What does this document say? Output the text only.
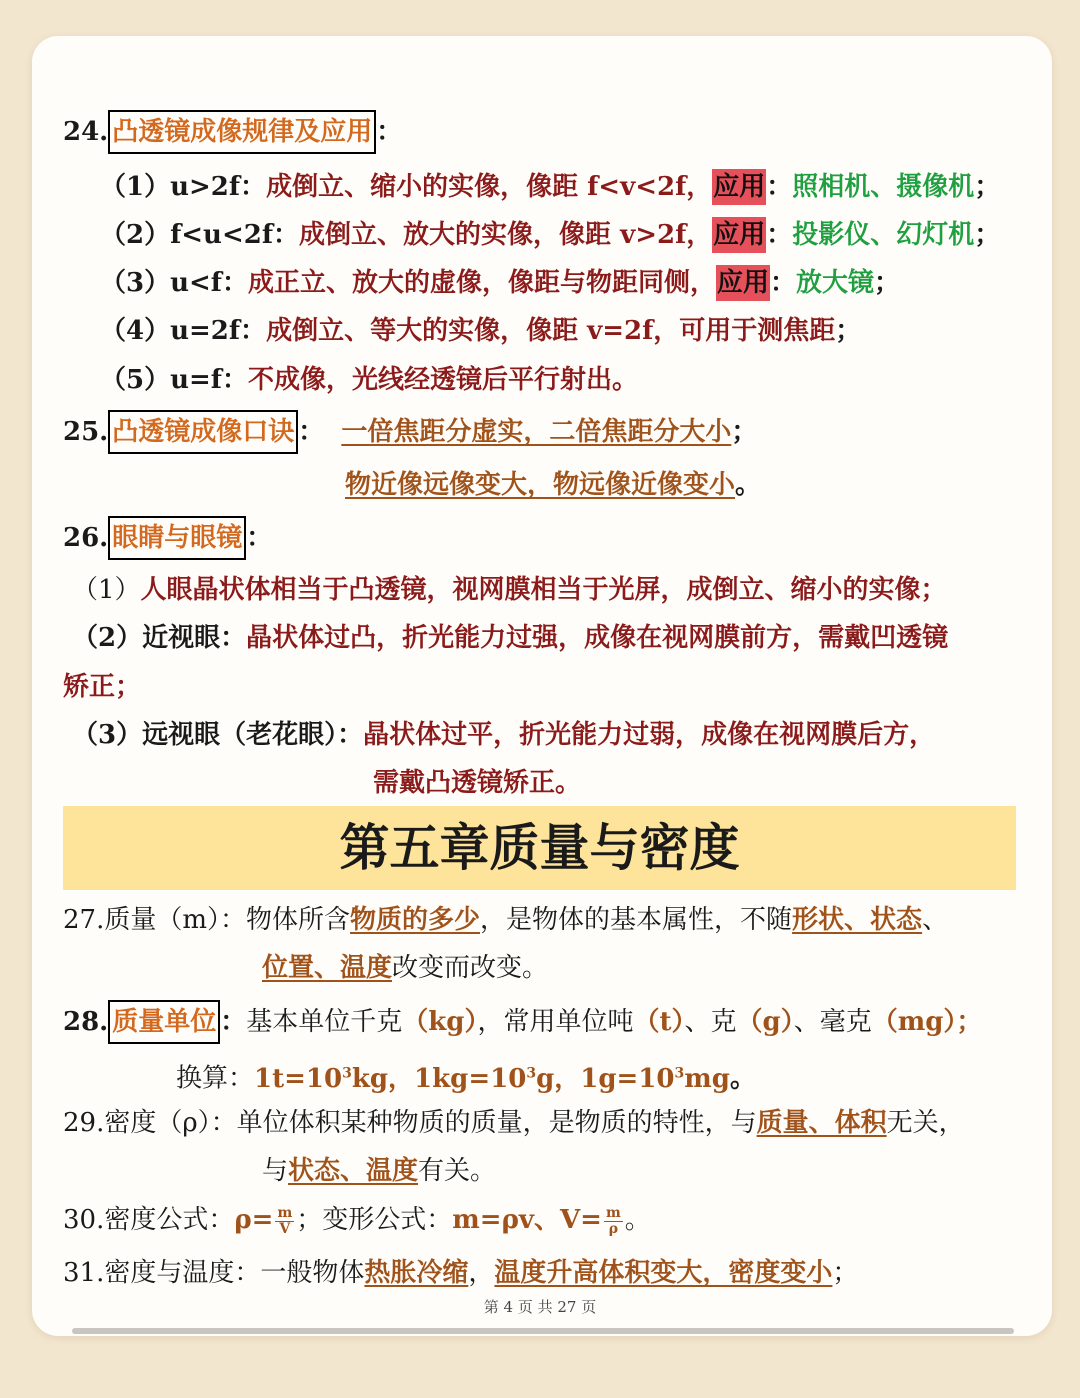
24. 凸透镜成像规律及应用 ：
（1）u>2f：成倒立、缩小的实像，像距 f<v<2f，应用：照相机、摄像机；
（2）f<u<2f：成倒立、放大的实像，像距 v>2f，应用：投影仪、幻灯机；
（3）u<f：成正立、放大的虚像，像距与物距同侧，应用：放大镜；
（4）u=2f：成倒立、等大的实像，像距 v=2f，可用于测焦距；
（5）u=f：不成像，光线经透镜后平行射出。
25. 凸透镜成像口诀 ： 一倍焦距分虚实，二倍焦距分大小；
物近像远像变大，物远像近像变小。
26. 眼睛与眼镜 ：
（1）人眼晶状体相当于凸透镜，视网膜相当于光屏，成倒立、缩小的实像；
（2）近视眼：晶状体过凸，折光能力过强，成像在视网膜前方，需戴凹透镜
矫正；
（3）远视眼（老花眼）：晶状体过平，折光能力过弱，成像在视网膜后方，
需戴凸透镜矫正。
第五章质量与密度
27.质量（m）：物体所含物质的多少，是物体的基本属性，不随形状、状态、
位置、温度改变而改变。
28. 质量单位 ：基本单位千克（kg），常用单位吨（t）、克（g）、毫克（mg）；
换算：$1t=10^3kg$，$1kg=10^3g$，$1g=10^3mg$。
29.密度（ρ）：单位体积某种物质的质量，是物质的特性，与质量、体积无关，
与状态、温度有关。
30.密度公式：$\rho= \frac{m}{V}$ ；变形公式：m=ρv、$V= \frac{m}{\rho}$ 。
31.密度与温度：一般物体热胀冷缩，温度升高体积变大，密度变小；
第 4 页 共 27 页
